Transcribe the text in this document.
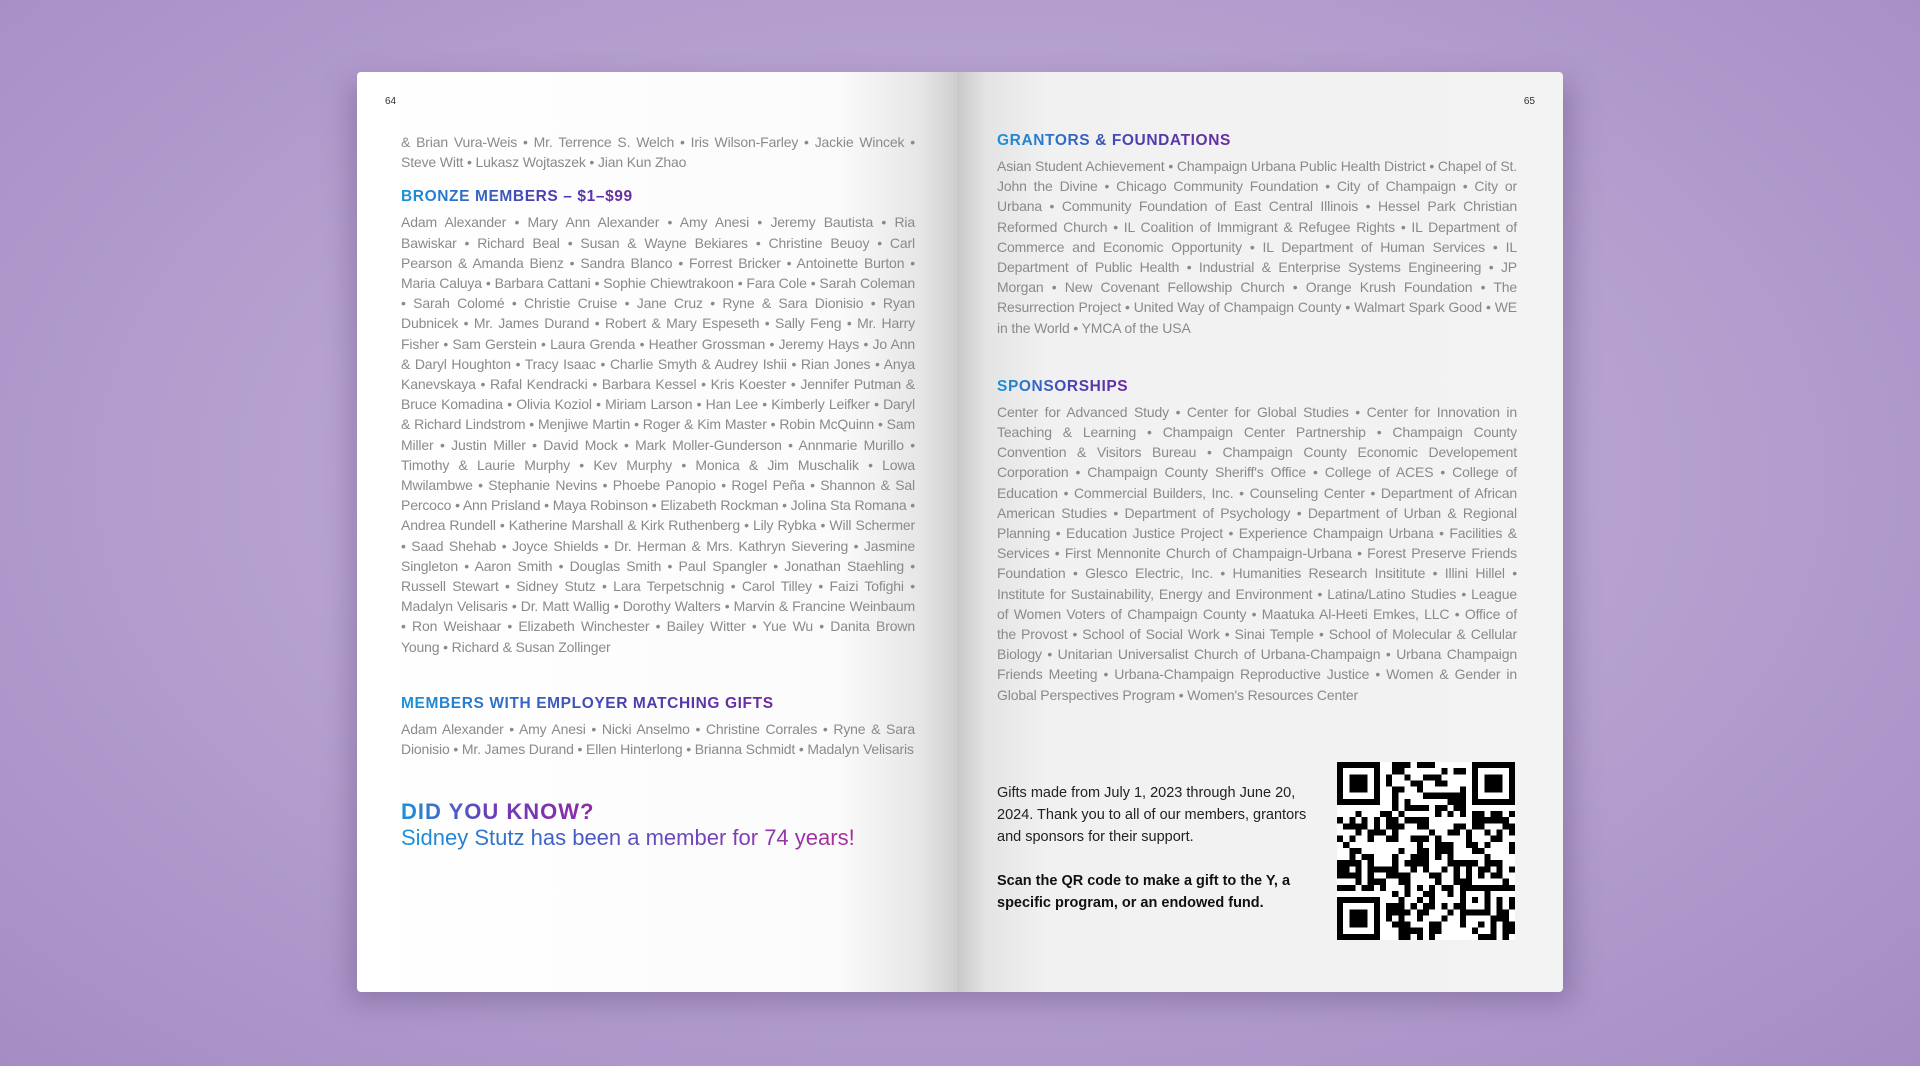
64

& Brian Vura-Weis • Mr. Terrence S. Welch • Iris Wilson-Farley • Jackie Wincek • Steve Witt • Lukasz Wojtaszek • Jian Kun Zhao

BRONZE MEMBERS – $1–$99

Adam Alexander • Mary Ann Alexander • Amy Anesi • Jeremy Bautista • Ria Bawiskar • Richard Beal • Susan & Wayne Bekiares • Christine Beuoy • Carl Pearson & Amanda Bienz • Sandra Blanco • Forrest Bricker • Antoinette Burton • Maria Caluya • Barbara Cattani • Sophie Chiewtrakoon • Fara Cole • Sarah Coleman • Sarah Colomé • Christie Cruise • Jane Cruz • Ryne & Sara Dionisio • Ryan Dubnicek • Mr. James Durand • Robert & Mary Espeseth • Sally Feng • Mr. Harry Fisher • Sam Gerstein • Laura Grenda • Heather Grossman • Jeremy Hays • Jo Ann & Daryl Houghton • Tracy Isaac • Charlie Smyth & Audrey Ishii • Rian Jones • Anya Kanevskaya • Rafal Kendracki • Barbara Kessel • Kris Koester • Jennifer Putman & Bruce Komadina • Olivia Koziol • Miriam Larson • Han Lee • Kimberly Leifker • Daryl & Richard Lindstrom • Menjiwe Martin • Roger & Kim Master • Robin McQuinn • Sam Miller • Justin Miller • David Mock • Mark Moller-Gunderson • Annmarie Murillo • Timothy & Laurie Murphy • Kev Murphy • Monica & Jim Muschalik • Lowa Mwilambwe • Stephanie Nevins • Phoebe Panopio • Rogel Peña • Shannon & Sal Percoco • Ann Prisland • Maya Robinson • Elizabeth Rockman • Jolina Sta Romana • Andrea Rundell • Katherine Marshall & Kirk Ruthenberg • Lily Rybka • Will Schermer • Saad Shehab • Joyce Shields • Dr. Herman & Mrs. Kathryn Sievering • Jasmine Singleton • Aaron Smith • Douglas Smith • Paul Spangler • Jonathan Staehling • Russell Stewart • Sidney Stutz • Lara Terpetschnig • Carol Tilley • Faizi Tofighi • Madalyn Velisaris • Dr. Matt Wallig • Dorothy Walters • Marvin & Francine Weinbaum • Ron Weishaar • Elizabeth Winchester • Bailey Witter • Yue Wu • Danita Brown Young • Richard & Susan Zollinger

MEMBERS WITH EMPLOYER MATCHING GIFTS

Adam Alexander • Amy Anesi • Nicki Anselmo • Christine Corrales • Ryne & Sara Dionisio • Mr. James Durand • Ellen Hinterlong • Brianna Schmidt • Madalyn Velisaris

DID YOU KNOW?

Sidney Stutz has been a member for 74 years!

65
GRANTORS & FOUNDATIONS

Asian Student Achievement • Champaign Urbana Public Health District • Chapel of St. John the Divine • Chicago Community Foundation • City of Champaign • City or Urbana • Community Foundation of East Central Illinois • Hessel Park Christian Reformed Church • IL Coalition of Immigrant & Refugee Rights • IL Department of Commerce and Economic Opportunity • IL Department of Human Services • IL Department of Public Health • Industrial & Enterprise Systems Engineering • JP Morgan • New Covenant Fellowship Church • Orange Krush Foundation • The Resurrection Project • United Way of Champaign County • Walmart Spark Good • WE in the World • YMCA of the USA

SPONSORSHIPS

Center for Advanced Study • Center for Global Studies • Center for Innovation in Teaching & Learning • Champaign Center Partnership • Champaign County Convention & Visitors Bureau • Champaign County Economic Developement Corporation • Champaign County Sheriff's Office • College of ACES • College of Education • Commercial Builders, Inc. • Counseling Center • Department of African American Studies • Department of Psychology • Department of Urban & Regional Planning • Education Justice Project • Experience Champaign Urbana • Facilities & Services • First Mennonite Church of Champaign-Urbana • Forest Preserve Friends Foundation • Glesco Electric, Inc. • Humanities Research Insititute • Illini Hillel • Institute for Sustainability, Energy and Environment • Latina/Latino Studies • League of Women Voters of Champaign County • Maatuka Al-Heeti Emkes, LLC • Office of the Provost • School of Social Work • Sinai Temple • School of Molecular & Cellular Biology • Unitarian Universalist Church of Urbana-Champaign • Urbana Champaign Friends Meeting • Urbana-Champaign Reproductive Justice • Women & Gender in Global Perspectives Program • Women's Resources Center

Gifts made from July 1, 2023 through June 20, 2024. Thank you to all of our members, grantors and sponsors for their support.

Scan the QR code to make a gift to the Y, a specific program, or an endowed fund.
